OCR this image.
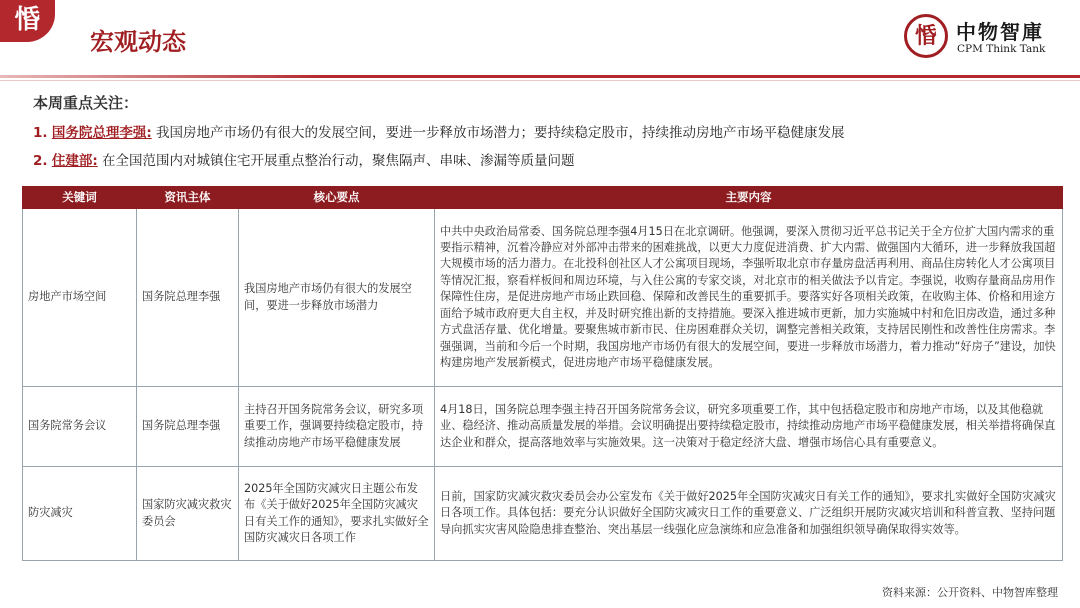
惛
宏观动态	惛 中物智庫
CPM Think Tank
本周重点关注：
1. 国务院总理李强: 我国房地产市场仍有很大的发展空间，要进一步释放市场潜力；要持续稳定股市，持续推动房地产市场平稳健康发展
2. 住建部: 在全国范围内对城镇住宅开展重点整治行动，聚焦隔声、串味、渗漏等质量问题
关键词	资讯主体	核心要点	主要内容
房地产市场空间	国务院总理李强	我国房地产市场仍有很大的发展空间，要进一步释放市场潜力	中共中央政治局常委、国务院总理李强4月15日在北京调研。他强调，要深入贯彻习近平总书记关于全方位扩大国内需求的重要指示精神，沉着冷静应对外部冲击带来的困难挑战，以更大力度促进消费、扩大内需、做强国内大循环，进一步释放我国超大规模市场的活力潜力。在北投科创社区人才公寓项目现场，李强听取北京市存量房盘活再利用、商品住房转化人才公寓项目等情况汇报，察看样板间和周边环境，与入住公寓的专家交谈，对北京市的相关做法予以肯定。李强说，收购存量商品房用作保障性住房，是促进房地产市场止跌回稳、保障和改善民生的重要抓手。要落实好各项相关政策，在收购主体、价格和用途方面给予城市政府更大自主权，并及时研究推出新的支持措施。要深入推进城市更新，加力实施城中村和危旧房改造，通过多种方式盘活存量、优化增量。要聚焦城市新市民、住房困难群众关切，调整完善相关政策，支持居民刚性和改善性住房需求。李强强调，当前和今后一个时期，我国房地产市场仍有很大的发展空间，要进一步释放市场潜力，着力推动“好房子”建设，加快构建房地产发展新模式，促进房地产市场平稳健康发展。
国务院常务会议	国务院总理李强	主持召开国务院常务会议，研究多项重要工作，强调要持续稳定股市，持续推动房地产市场平稳健康发展	4月18日，国务院总理李强主持召开国务院常务会议，研究多项重要工作，其中包括稳定股市和房地产市场，以及其他稳就业、稳经济、推动高质量发展的举措。会议明确提出要持续稳定股市，持续推动房地产市场平稳健康发展，相关举措将确保直达企业和群众，提高落地效率与实施效果。这一决策对于稳定经济大盘、增强市场信心具有重要意义。
防灾减灾	国家防灾减灾救灾委员会	2025年全国防灾减灾日主题公布发布《关于做好2025年全国防灾减灾日有关工作的通知》，要求扎实做好全国防灾减灾日各项工作	日前，国家防灾减灾救灾委员会办公室发布《关于做好2025年全国防灾减灾日有关工作的通知》，要求扎实做好全国防灾减灾日各项工作。具体包括：要充分认识做好全国防灾减灾日工作的重要意义、广泛组织开展防灾减灾培训和科普宣教、坚持问题导向抓实灾害风险隐患排查整治、突出基层一线强化应急演练和应急准备和加强组织领导确保取得实效等。
资料来源：公开资料、中物智库整理
